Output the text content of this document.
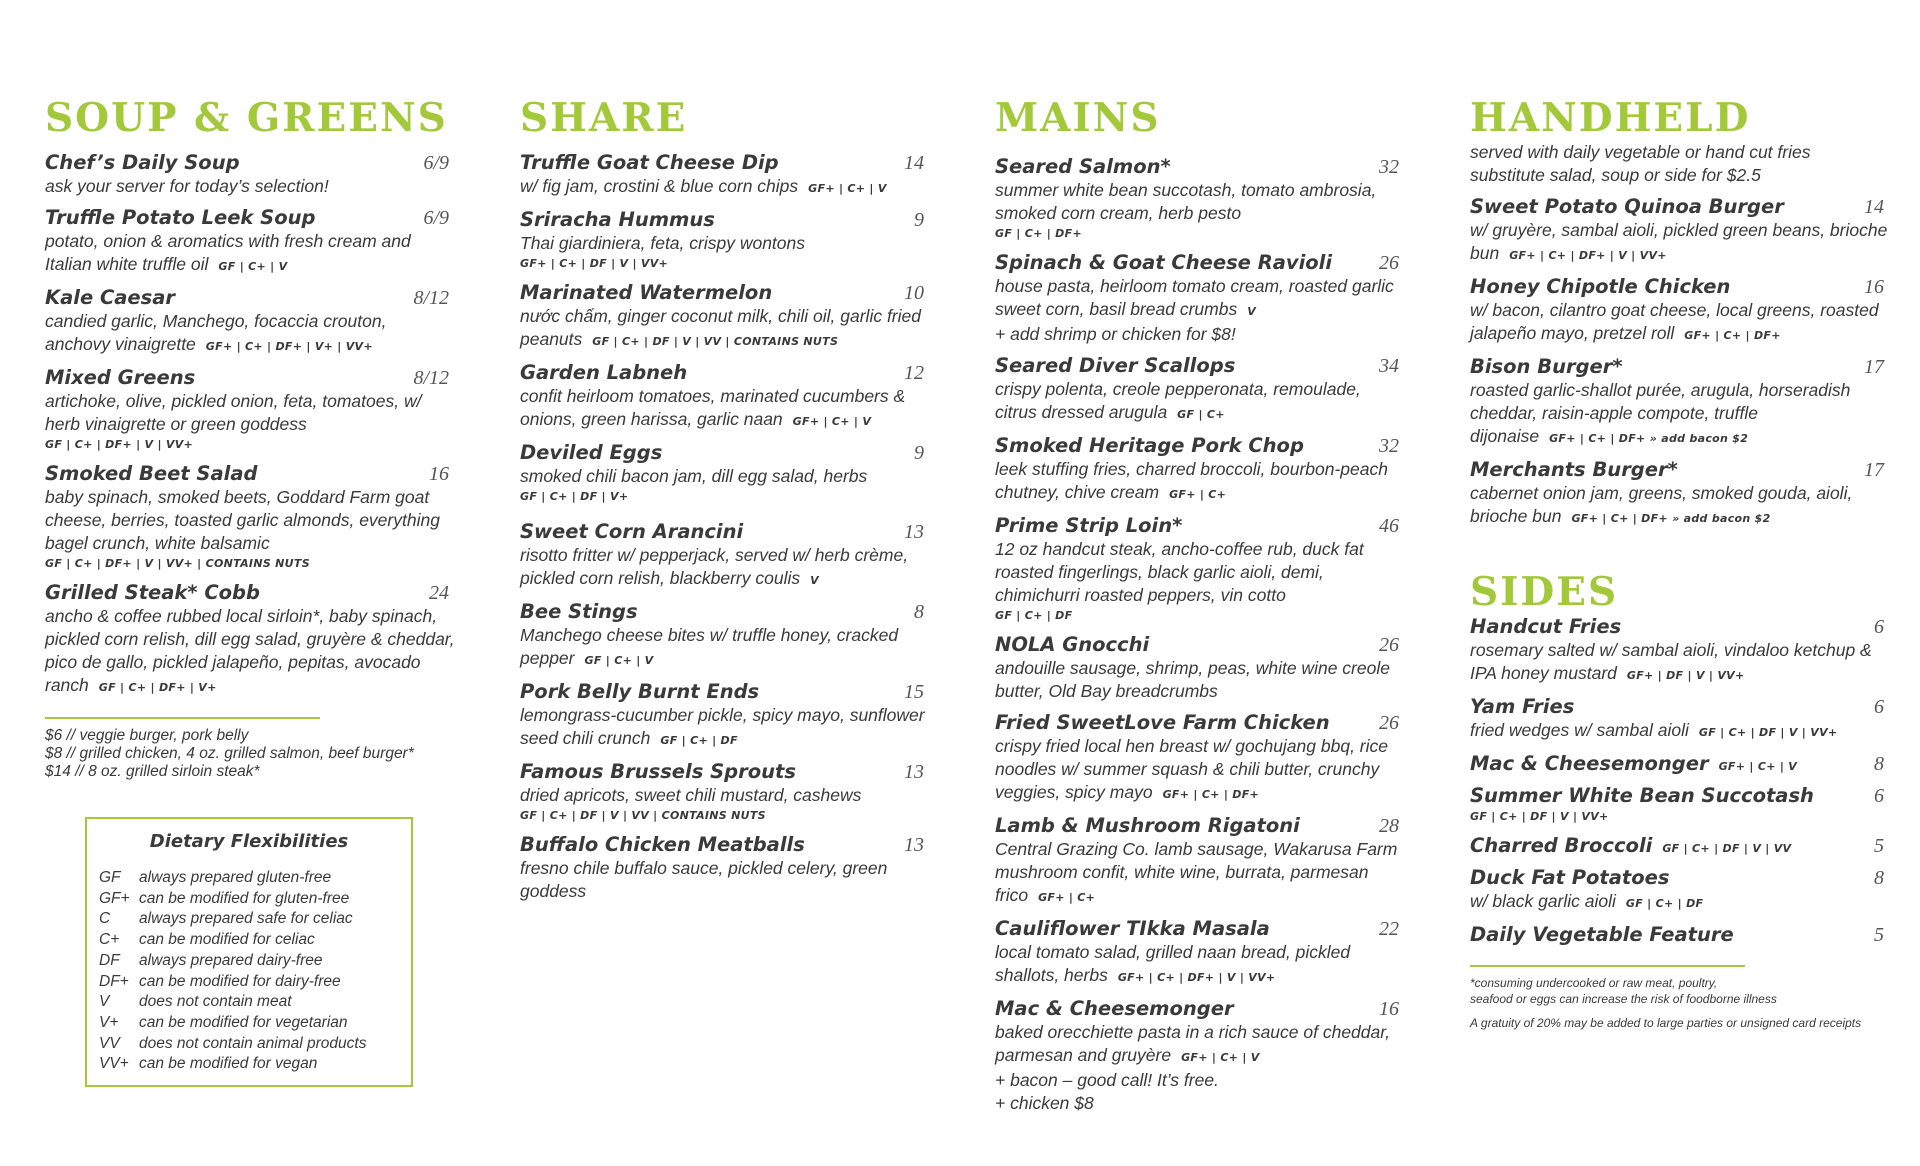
SOUP & GREENS
Chef’s Daily Soup	6/9
ask your server for today’s selection!
Truffle Potato Leek Soup	6/9
potato, onion & aromatics with fresh cream and Italian white truffle oil GF | C+ | V
Kale Caesar	8/12
candied garlic, Manchego, focaccia crouton, anchovy vinaigrette GF+ | C+ | DF+ | V+ | VV+
Mixed Greens	8/12
artichoke, olive, pickled onion, feta, tomatoes, w/ herb vinaigrette or green goddess
GF | C+ | DF+ | V | VV+
Smoked Beet Salad	16
baby spinach, smoked beets, Goddard Farm goat cheese, berries, toasted garlic almonds, everything bagel crunch, white balsamic
GF | C+ | DF+ | V | VV+ | CONTAINS NUTS
Grilled Steak* Cobb	24
ancho & coffee rubbed local sirloin*, baby spinach, pickled corn relish, dill egg salad, gruyère & cheddar, pico de gallo, pickled jalapeño, pepitas, avocado ranch GF | C+ | DF+ | V+
$6 // veggie burger, pork belly
$8 // grilled chicken, 4 oz. grilled salmon, beef burger*
$14 // 8 oz. grilled sirloin steak*
Dietary Flexibilities
GF	always prepared gluten-free
GF+ can be modified for gluten-free
C	always prepared safe for celiac
C+	can be modified for celiac
DF	always prepared dairy-free
DF+ can be modified for dairy-free
V	does not contain meat
V+	can be modified for vegetarian
VV	does not contain animal products
VV+ can be modified for vegan
SHARE
Truffle Goat Cheese Dip	14
w/ fig jam, crostini & blue corn chips GF+ | C+ | V
Sriracha Hummus	9
Thai giardiniera, feta, crispy wontons
GF+ | C+ | DF | V | VV+
Marinated Watermelon	10
nước chấm, ginger coconut milk, chili oil, garlic fried peanuts GF | C+ | DF | V | VV | CONTAINS NUTS
Garden Labneh	12
confit heirloom tomatoes, marinated cucumbers & onions, green harissa, garlic naan GF+ | C+ | V
Deviled Eggs	9
smoked chili bacon jam, dill egg salad, herbs
GF | C+ | DF | V+
Sweet Corn Arancini	13
risotto fritter w/ pepperjack, served w/ herb crème, pickled corn relish, blackberry coulis V
Bee Stings	8
Manchego cheese bites w/ truffle honey, cracked pepper GF | C+ | V
Pork Belly Burnt Ends	15
lemongrass-cucumber pickle, spicy mayo, sunflower seed chili crunch GF | C+ | DF
Famous Brussels Sprouts	13
dried apricots, sweet chili mustard, cashews
GF | C+ | DF | V | VV | CONTAINS NUTS
Buffalo Chicken Meatballs	13
fresno chile buffalo sauce, pickled celery, green goddess
MAINS
Seared Salmon*	32
summer white bean succotash, tomato ambrosia, smoked corn cream, herb pesto
GF | C+ | DF+
Spinach & Goat Cheese Ravioli 26
house pasta, heirloom tomato cream, roasted garlic sweet corn, basil bread crumbs V
+ add shrimp or chicken for $8!
Seared Diver Scallops	34
crispy polenta, creole pepperonata, remoulade, citrus dressed arugula GF | C+
Smoked Heritage Pork Chop	32
leek stuffing fries, charred broccoli, bourbon-peach chutney, chive cream GF+ | C+
Prime Strip Loin*	46
12 oz handcut steak, ancho-coffee rub, duck fat roasted fingerlings, black garlic aioli, demi, chimichurri roasted peppers, vin cotto
GF | C+ | DF
NOLA Gnocchi	26
andouille sausage, shrimp, peas, white wine creole butter, Old Bay breadcrumbs
Fried SweetLove Farm Chicken 26
crispy fried local hen breast w/ gochujang bbq, rice noodles w/ summer squash & chili butter, crunchy veggies, spicy mayo GF+ | C+ | DF+
Lamb & Mushroom Rigatoni	28
Central Grazing Co. lamb sausage, Wakarusa Farm mushroom confit, white wine, burrata, parmesan frico GF+ | C+
Cauliflower TIkka Masala	22
local tomato salad, grilled naan bread, pickled shallots, herbs GF+ | C+ | DF+ | V | VV+
Mac & Cheesemonger	16
baked orecchiette pasta in a rich sauce of cheddar, parmesan and gruyère GF+ | C+ | V
+ bacon – good call! It’s free.
+ chicken $8
HANDHELD
served with daily vegetable or hand cut fries
substitute salad, soup or side for $2.5
Sweet Potato Quinoa Burger	14
w/ gruyère, sambal aioli, pickled green beans, brioche bun GF+ | C+ | DF+ | V | VV+
Honey Chipotle Chicken	16
w/ bacon, cilantro goat cheese, local greens, roasted jalapeño mayo, pretzel roll GF+ | C+ | DF+
Bison Burger*	17
roasted garlic-shallot purée, arugula, horseradish cheddar, raisin-apple compote, truffle dijonaise GF+ | C+ | DF+ » add bacon $2
Merchants Burger*	17
cabernet onion jam, greens, smoked gouda, aioli, brioche bun GF+ | C+ | DF+ » add bacon $2
SIDES
Handcut Fries	6
rosemary salted w/ sambal aioli, vindaloo ketchup & IPA honey mustard GF+ | DF | V | VV+
Yam Fries	6
fried wedges w/ sambal aioli GF | C+ | DF | V | VV+
Mac & Cheesemonger GF+ | C+ | V	8
Summer White Bean Succotash	6
GF | C+ | DF | V | VV+
Charred Broccoli GF | C+ | DF | V | VV	5
Duck Fat Potatoes	8
w/ black garlic aioli GF | C+ | DF
Daily Vegetable Feature	5
*consuming undercooked or raw meat, poultry,
seafood or eggs can increase the risk of foodborne illness
A gratuity of 20% may be added to large parties or unsigned card receipts
